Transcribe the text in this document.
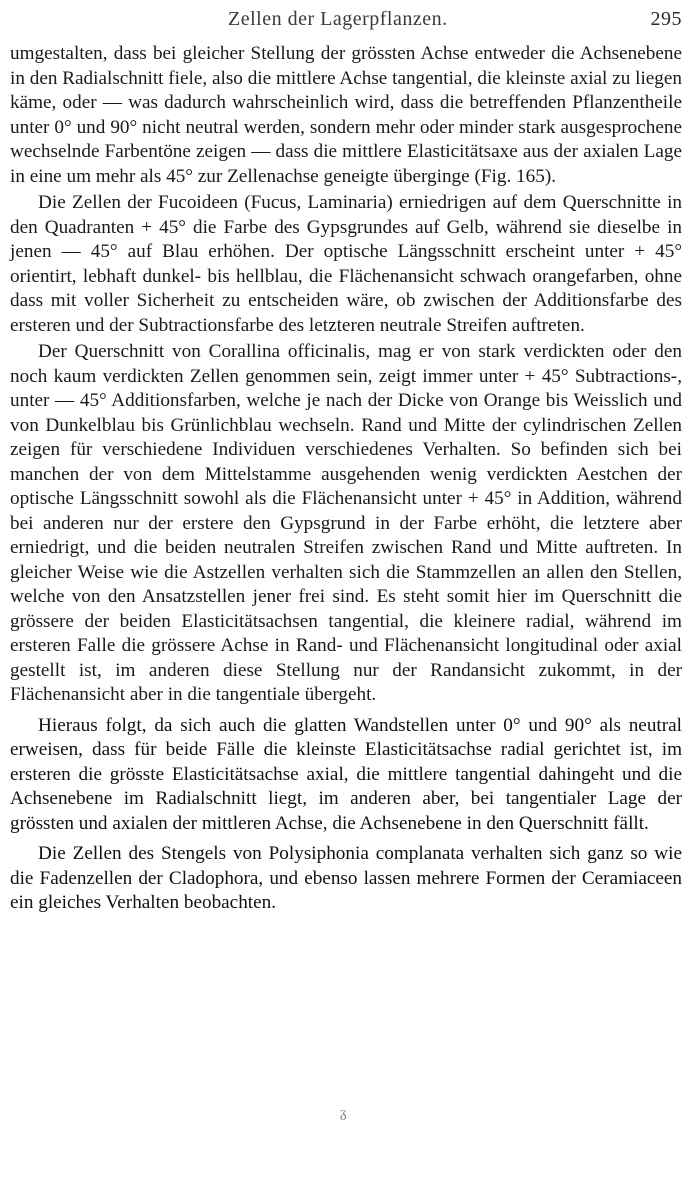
Zellen der Lagerpflanzen.	295

umgestalten, dass bei gleicher Stellung der grössten Achse entweder die Achsenebene in den Radialschnitt fiele, also die mittlere Achse tangential, die kleinste axial zu liegen käme, oder — was dadurch wahrscheinlich wird, dass die betreffenden Pflanzentheile unter 0° und 90° nicht neutral werden, sondern mehr oder minder stark ausgesprochene wechselnde Farbentöne zeigen — dass die mittlere Elasticitätsaxe aus der axialen Lage in eine um mehr als 45° zur Zellenachse geneigte überginge (Fig. 165).

Die Zellen der Fucoideen (Fucus, Laminaria) erniedrigen auf dem Querschnitte in den Quadranten + 45° die Farbe des Gypsgrundes auf Gelb, während sie dieselbe in jenen — 45° auf Blau erhöhen. Der optische Längsschnitt erscheint unter + 45° orientirt, lebhaft dunkel- bis hellblau, die Flächenansicht schwach orangefarben, ohne dass mit voller Sicherheit zu entscheiden wäre, ob zwischen der Additionsfarbe des ersteren und der Subtractionsfarbe des letzteren neutrale Streifen auftreten.

Der Querschnitt von Corallina officinalis, mag er von stark verdickten oder den noch kaum verdickten Zellen genommen sein, zeigt immer unter + 45° Subtractions-, unter — 45° Additionsfarben, welche je nach der Dicke von Orange bis Weisslich und von Dunkelblau bis Grünlichblau wechseln. Rand und Mitte der cylindrischen Zellen zeigen für verschiedene Individuen verschiedenes Verhalten. So befinden sich bei manchen der von dem Mittelstamme ausgehenden wenig verdickten Aestchen der optische Längsschnitt sowohl als die Flächenansicht unter + 45° in Addition, während bei anderen nur der erstere den Gypsgrund in der Farbe erhöht, die letztere aber erniedrigt, und die beiden neutralen Streifen zwischen Rand und Mitte auftreten. In gleicher Weise wie die Astzellen verhalten sich die Stammzellen an allen den Stellen, welche von den Ansatzstellen jener frei sind. Es steht somit hier im Querschnitt die grössere der beiden Elasticitätsachsen tangential, die kleinere radial, während im ersteren Falle die grössere Achse in Rand- und Flächenansicht longitudinal oder axial gestellt ist, im anderen diese Stellung nur der Randansicht zukommt, in der Flächenansicht aber in die tangentiale übergeht.

Hieraus folgt, da sich auch die glatten Wandstellen unter 0° und 90° als neutral erweisen, dass für beide Fälle die kleinste Elasticitätsachse radial gerichtet ist, im ersteren die grösste Elasticitätsachse axial, die mittlere tangential dahingeht und die Achsenebene im Radialschnitt liegt, im anderen aber, bei tangentialer Lage der grössten und axialen der mittleren Achse, die Achsenebene in den Querschnitt fällt.

Die Zellen des Stengels von Polysiphonia complanata verhalten sich ganz so wie die Fadenzellen der Cladophora, und ebenso lassen mehrere Formen der Ceramiaceen ein gleiches Verhalten beobachten.

ᵹ
